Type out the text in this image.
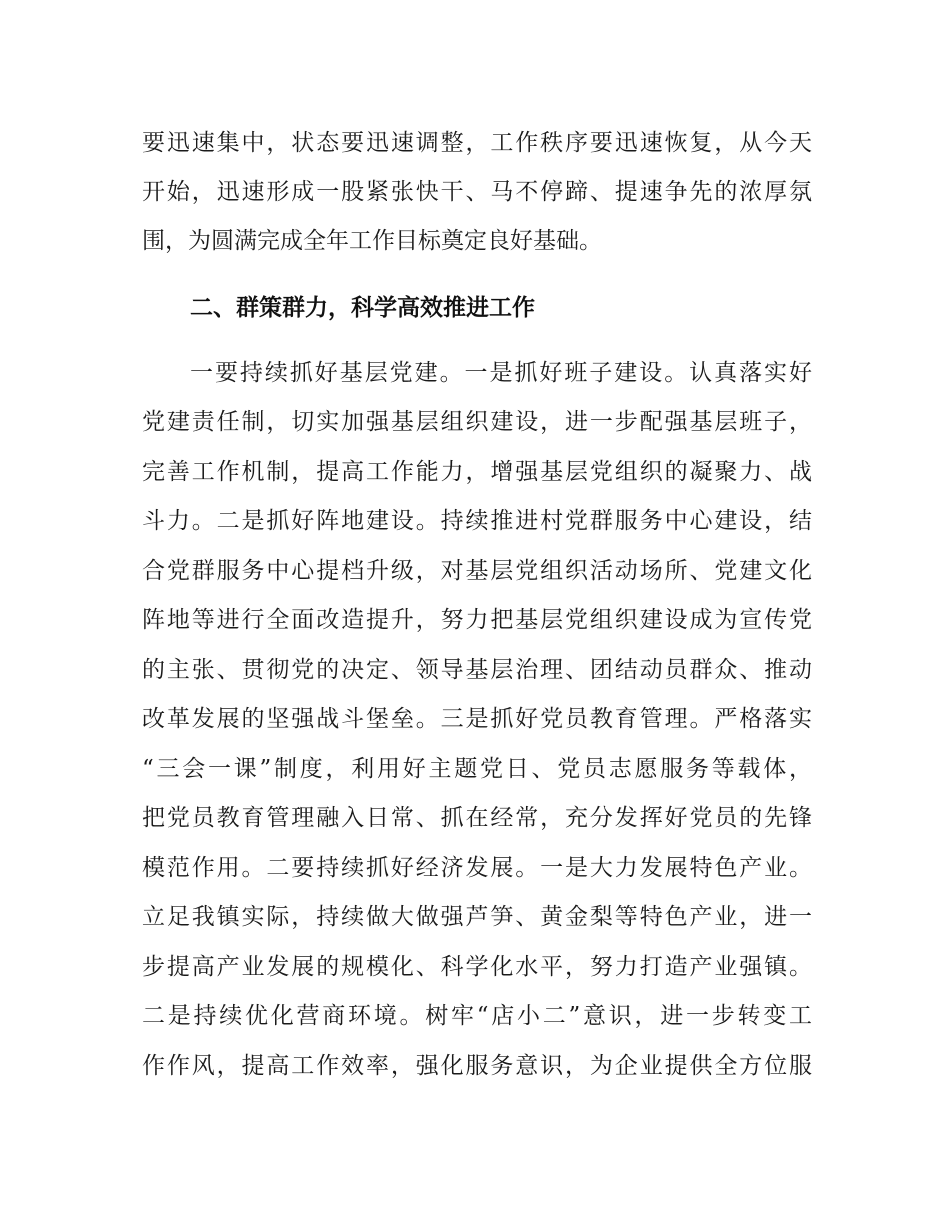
要迅速集中，状态要迅速调整，工作秩序要迅速恢复，从今天
开始，迅速形成一股紧张快干、马不停蹄、提速争先的浓厚氛
围，为圆满完成全年工作目标奠定良好基础。
二、群策群力，科学高效推进工作
一要持续抓好基层党建。一是抓好班子建设。认真落实好
党建责任制，切实加强基层组织建设，进一步配强基层班子，
完善工作机制，提高工作能力，增强基层党组织的凝聚力、战
斗力。二是抓好阵地建设。持续推进村党群服务中心建设，结
合党群服务中心提档升级，对基层党组织活动场所、党建文化
阵地等进行全面改造提升，努力把基层党组织建设成为宣传党
的主张、贯彻党的决定、领导基层治理、团结动员群众、推动
改革发展的坚强战斗堡垒。三是抓好党员教育管理。严格落实
“三会一课”制度，利用好主题党日、党员志愿服务等载体，
把党员教育管理融入日常、抓在经常，充分发挥好党员的先锋
模范作用。二要持续抓好经济发展。一是大力发展特色产业。
立足我镇实际，持续做大做强芦笋、黄金梨等特色产业，进一
步提高产业发展的规模化、科学化水平，努力打造产业强镇。
二是持续优化营商环境。树牢“店小二”意识，进一步转变工
作作风，提高工作效率，强化服务意识，为企业提供全方位服
